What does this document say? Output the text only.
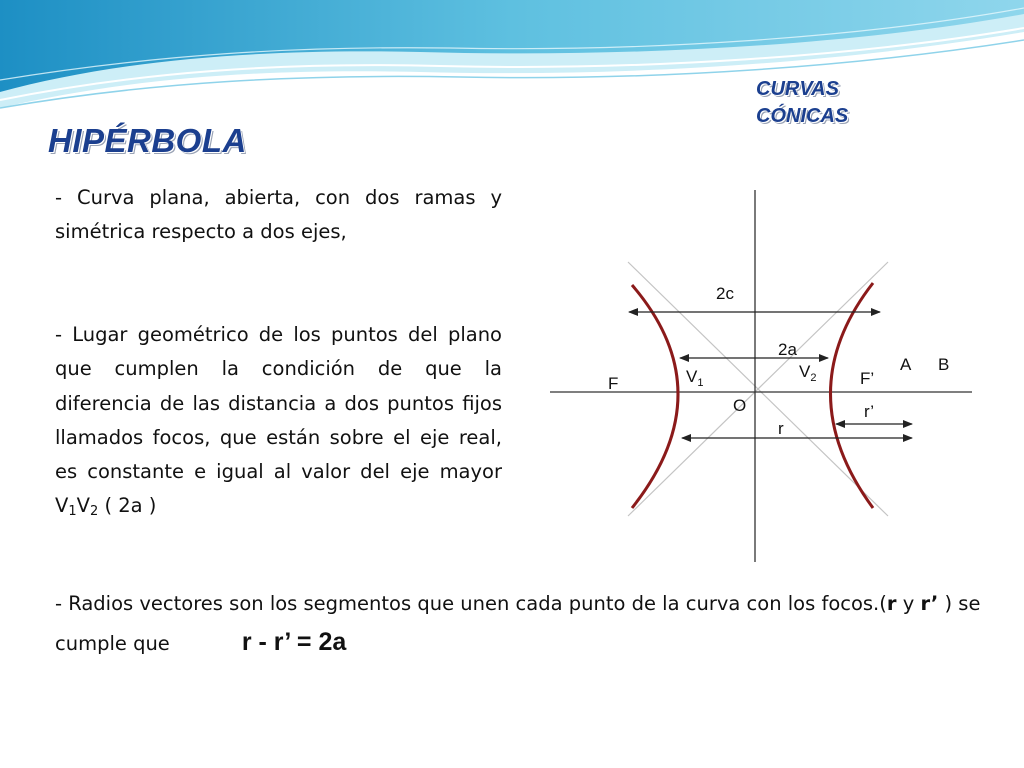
HIPÉRBOLA
CURVAS
CÓNICAS

- Curva plana, abierta, con dos ramas y simétrica respecto a dos ejes,

- Lugar geométrico de los puntos del plano que cumplen la condición de que la diferencia de las distancia a dos puntos fijos llamados focos, que están sobre el eje real, es constante e igual al valor del eje mayor $V_1V_2$ ( 2a )

- Radios vectores son los segmentos que unen cada punto de la curva con los focos.(r y r’ ) se cumple que	r - r’ = 2a

2c
2a
F	$V_1$
$V_2$	F’
A B
O	r’
r
